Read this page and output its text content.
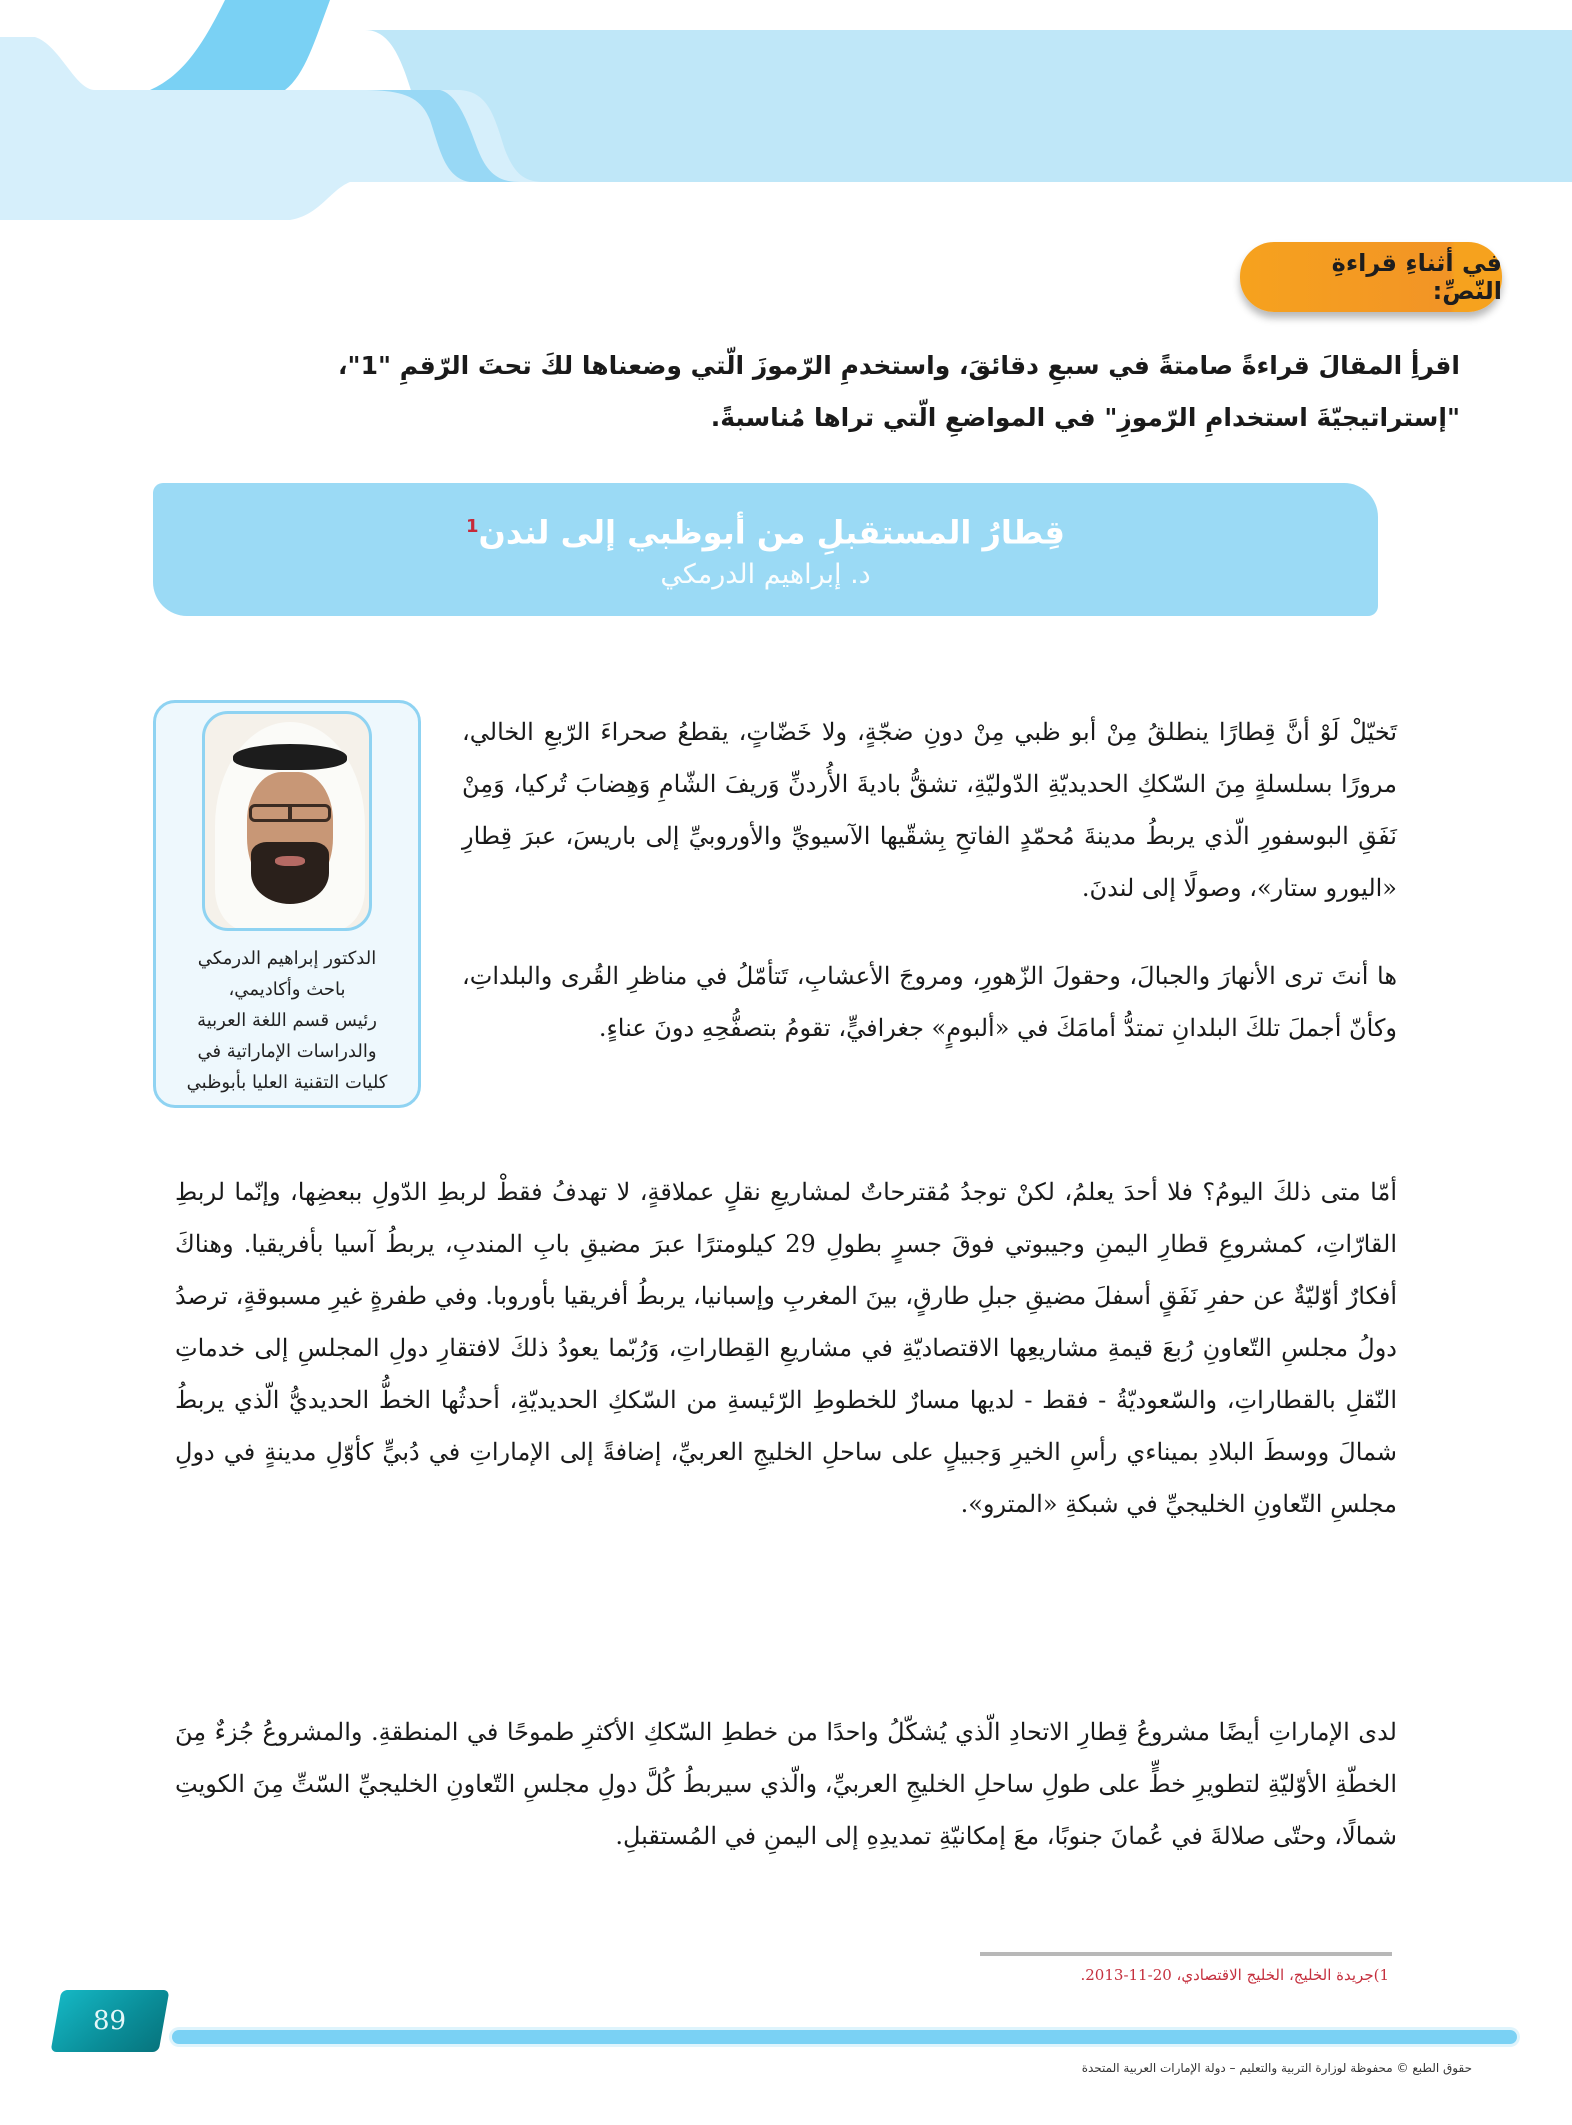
في أثناءِ قراءةِ النّصِّ:

اقرأِ المقالَ قراءةً صامتةً في سبعِ دقائقَ، واستخدمِ الرّموزَ الّتي وضعناها لكَ تحتَ الرّقمِ "1"، "إستراتيجيّةَ استخدامِ الرّموزِ" في المواضعِ الّتي تراها مُناسبةً.

قِطارُ المستقبلِ من أبوظبي إلى لندن$^1$
د. إبراهيم الدرمكي
الدكتور إبراهيم الدرمكي
باحث وأكاديمي،
رئيس قسم اللغة العربية
والدراسات الإماراتية في
كليات التقنية العليا بأبوظبي

تَخيّلْ لَوْ أنَّ قِطارًا ينطلقُ مِنْ أبو ظبي مِنْ دونِ ضجّةٍ، ولا خَضّاتٍ، يقطعُ صحراءَ الرّبعِ الخالي، مرورًا بسلسلةٍ مِنَ السّككِ الحديديّةِ الدّوليّةِ، تشقُّ باديةَ الأُردنِّ وَريفَ الشّامِ وَهِضابَ تُركيا، وَمِنْ نَفَقِ البوسفورِ الّذي يربطُ مدينةَ مُحمّدٍ الفاتحِ بِشقّيها الآسيويِّ والأوروبيِّ إلى باريسَ، عبرَ قِطارِ «اليورو ستار»، وصولًا إلى لندنَ.

ها أنتَ ترى الأنهارَ والجبالَ، وحقولَ الزّهورِ، ومروجَ الأعشابِ، تَتأمّلُ في مناظرِ القُرى والبلداتِ، وكأنّ أجملَ تلكَ البلدانِ تمتدُّ أمامَكَ في «ألبومٍ» جغرافيٍّ، تقومُ بتصفُّحِهِ دونَ عناءٍ.

أمّا متى ذلكَ اليومُ؟ فلا أحدَ يعلمُ، لكنْ توجدُ مُقترحاتٌ لمشاريعِ نقلٍ عملاقةٍ، لا تهدفُ فقطْ لربطِ الدّولِ ببعضِها، وإنّما لربطِ القارّاتِ، كمشروعِ قطارِ اليمنِ وجيبوتي فوقَ جسرٍ بطولِ 29 كيلومترًا عبرَ مضيقِ بابِ المندبِ، يربطُ آسيا بأفريقيا. وهناكَ أفكارٌ أوّليّةٌ عن حفرِ نَفَقٍ أسفلَ مضيقِ جبلِ طارقٍ، بينَ المغربِ وإسبانيا، يربطُ أفريقيا بأوروبا. وفي طفرةٍ غيرِ مسبوقةٍ، ترصدُ دولُ مجلسِ التّعاونِ رُبعَ قيمةِ مشاريعِها الاقتصاديّةِ في مشاريعِ القِطاراتِ، وَرُبّما يعودُ ذلكَ لافتقارِ دولِ المجلسِ إلى خدماتِ النّقلِ بالقطاراتِ، والسّعوديّةُ - فقط - لديها مسارٌ للخطوطِ الرّئيسةِ من السّككِ الحديديّةِ، أحدثُها الخطُّ الحديديُّ الّذي يربطُ شمالَ ووسطَ البلادِ بميناءي رأسِ الخيرِ وَجبيلٍ على ساحلِ الخليجِ العربيِّ، إضافةً إلى الإماراتِ في دُبيٍّ كأوّلِ مدينةٍ في دولِ مجلسِ التّعاونِ الخليجيِّ في شبكةِ «المترو».

لدى الإماراتِ أيضًا مشروعُ قِطارِ الاتحادِ الّذي يُشكّلُ واحدًا من خططِ السّككِ الأكثرِ طموحًا في المنطقةِ. والمشروعُ جُزءٌ مِنَ الخطّةِ الأوّليّةِ لتطويرِ خطٍّ على طولِ ساحلِ الخليجِ العربيِّ، والّذي سيربطُ كُلَّ دولِ مجلسِ التّعاونِ الخليجيِّ السّتِّ مِنَ الكويتِ شمالًا، وحتّى صلالةَ في عُمانَ جنوبًا، معَ إمكانيّةِ تمديدِهِ إلى اليمنِ في المُستقبلِ.

1)جريدة الخليج، الخليج الاقتصادي، 20-11-2013.
89
حقوق الطبع © محفوظة لوزارة التربية والتعليم – دولة الإمارات العربية المتحدة
